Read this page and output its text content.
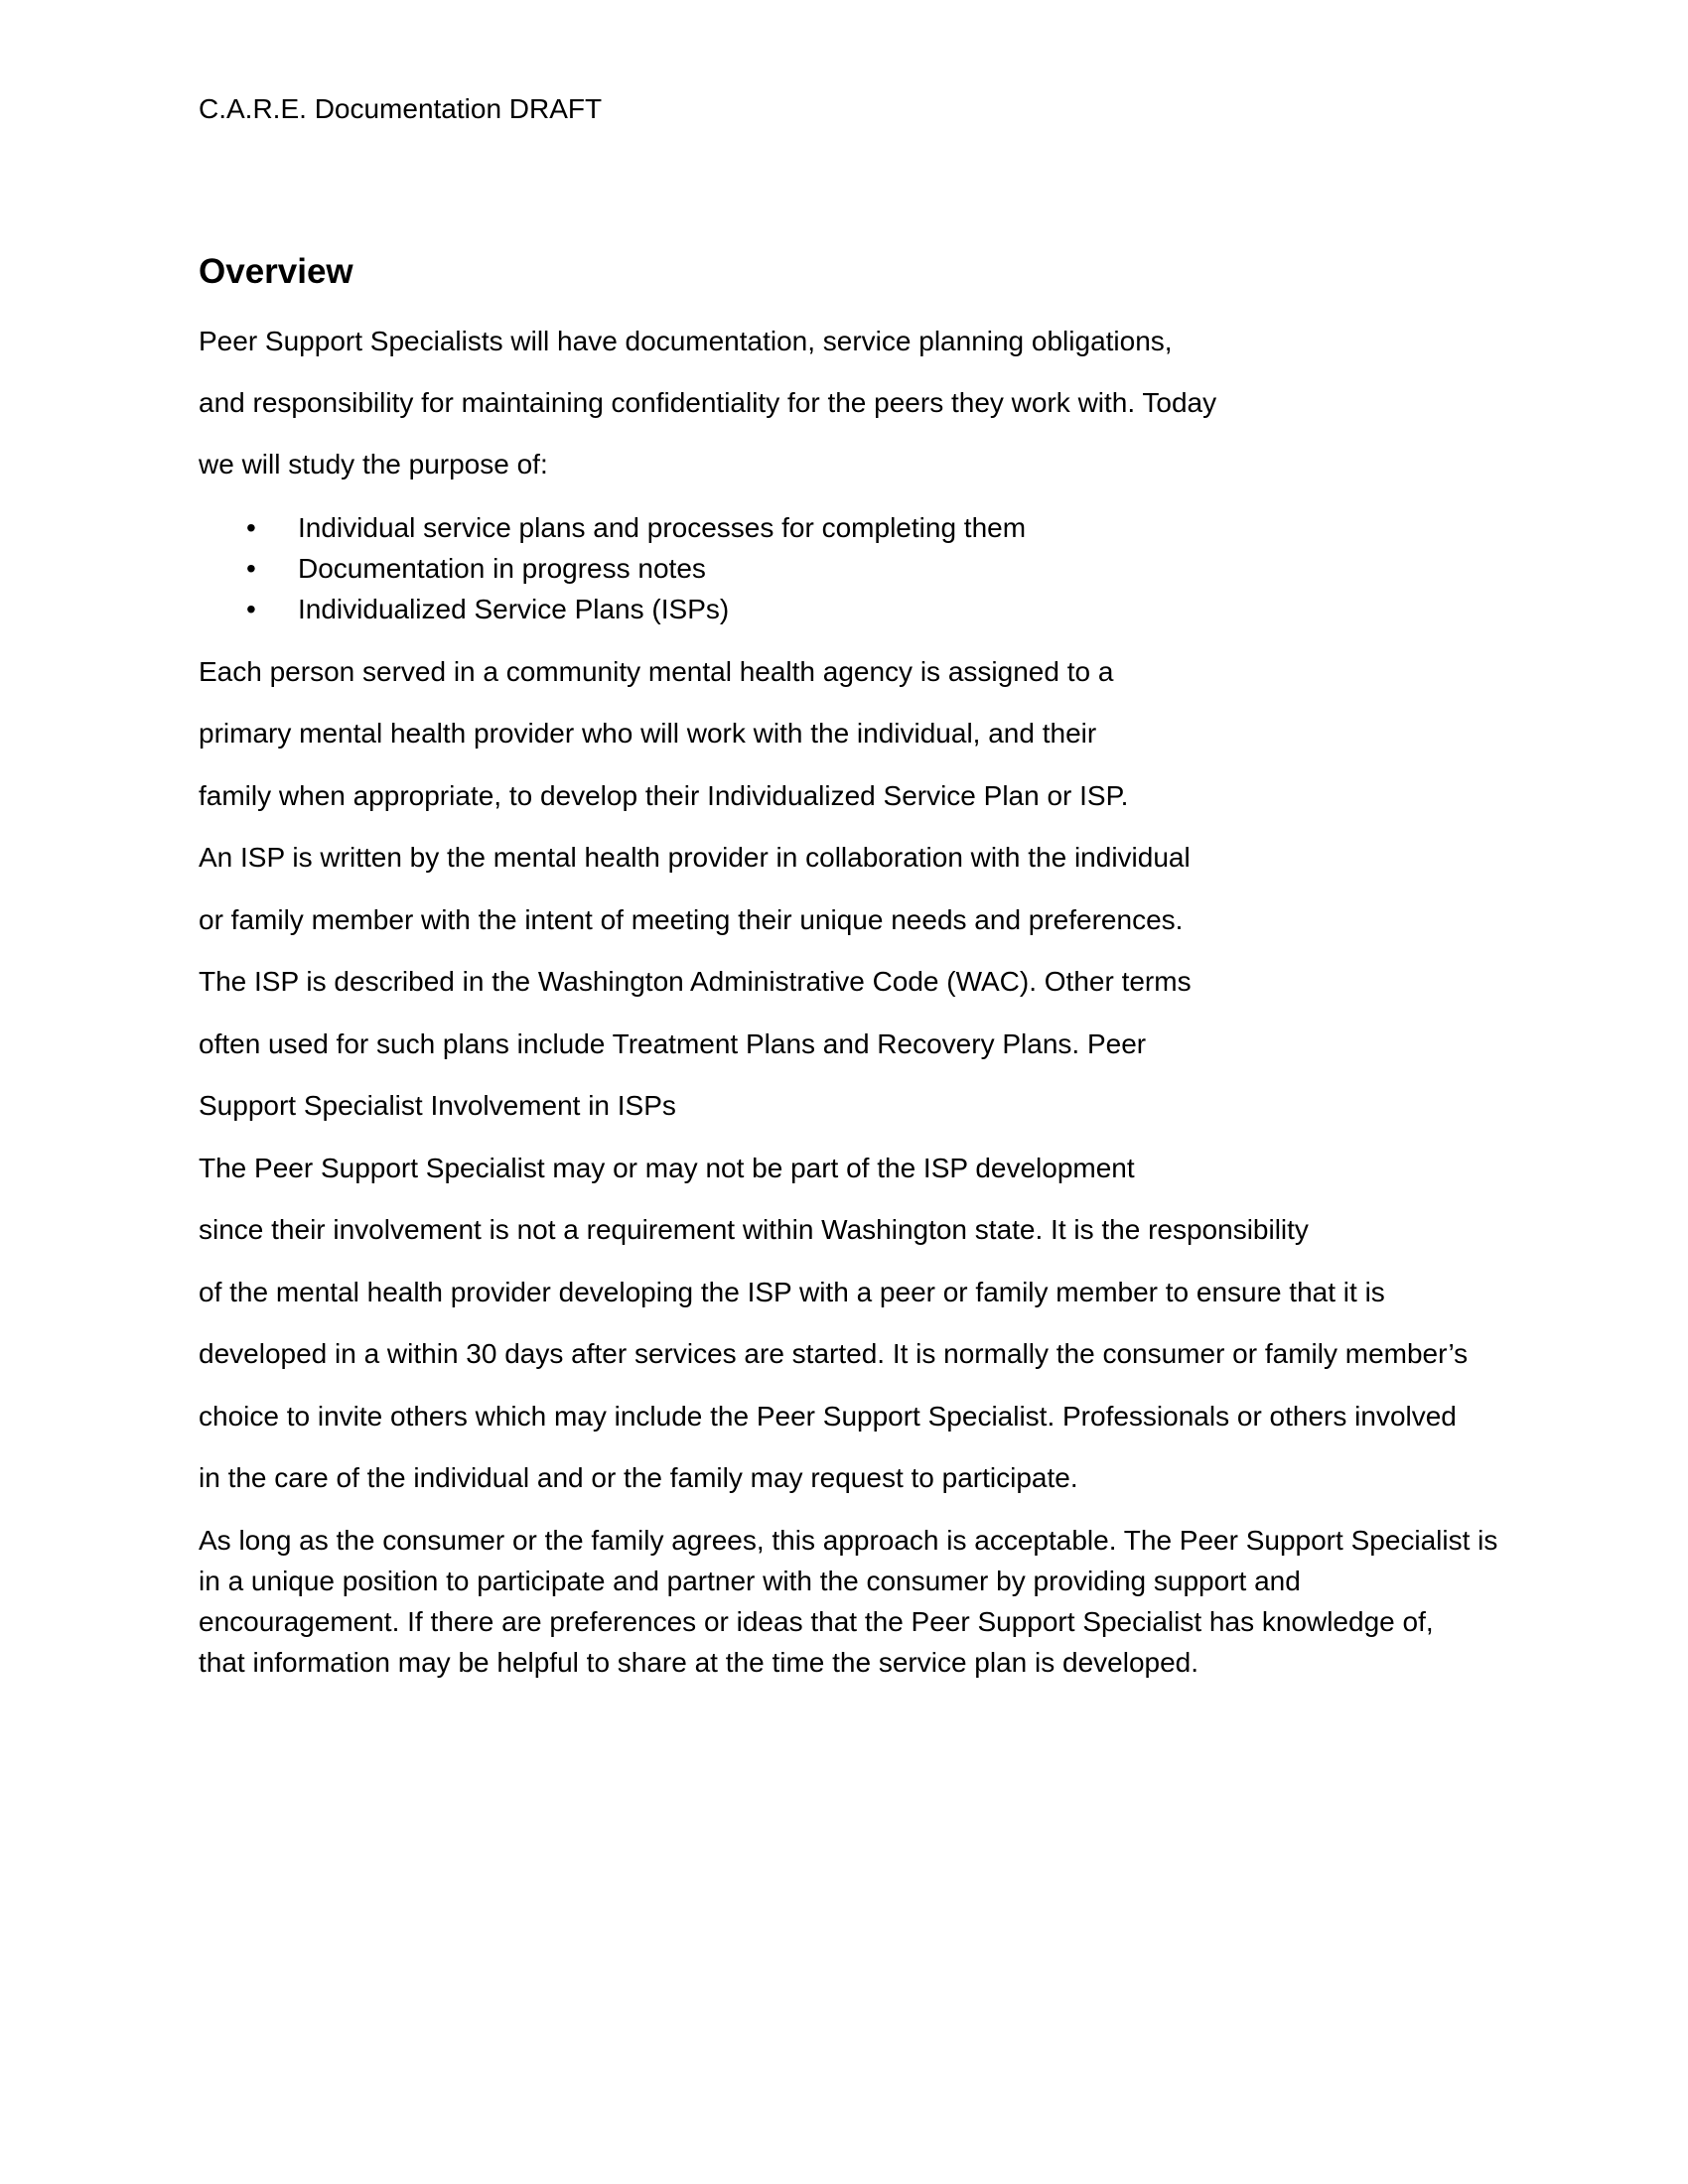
C.A.R.E. Documentation DRAFT
Overview
Peer Support Specialists will have documentation, service planning obligations,
and responsibility for maintaining confidentiality for the peers they work with. Today
we will study the purpose of:
• Individual service plans and processes for completing them
• Documentation in progress notes
• Individualized Service Plans (ISPs)
Each person served in a community mental health agency is assigned to a
primary mental health provider who will work with the individual, and their
family when appropriate, to develop their Individualized Service Plan or ISP.
An ISP is written by the mental health provider in collaboration with the individual
or family member with the intent of meeting their unique needs and preferences.
The ISP is described in the Washington Administrative Code (WAC). Other terms
often used for such plans include Treatment Plans and Recovery Plans. Peer
Support Specialist Involvement in ISPs
The Peer Support Specialist may or may not be part of the ISP development
since their involvement is not a requirement within Washington state. It is the responsibility
of the mental health provider developing the ISP with a peer or family member to ensure that it is
developed in a within 30 days after services are started. It is normally the consumer or family member’s
choice to invite others which may include the Peer Support Specialist. Professionals or others involved
in the care of the individual and or the family may request to participate.
As long as the consumer or the family agrees, this approach is acceptable. The Peer Support Specialist is
in a unique position to participate and partner with the consumer by providing support and
encouragement. If there are preferences or ideas that the Peer Support Specialist has knowledge of,
that information may be helpful to share at the time the service plan is developed.
